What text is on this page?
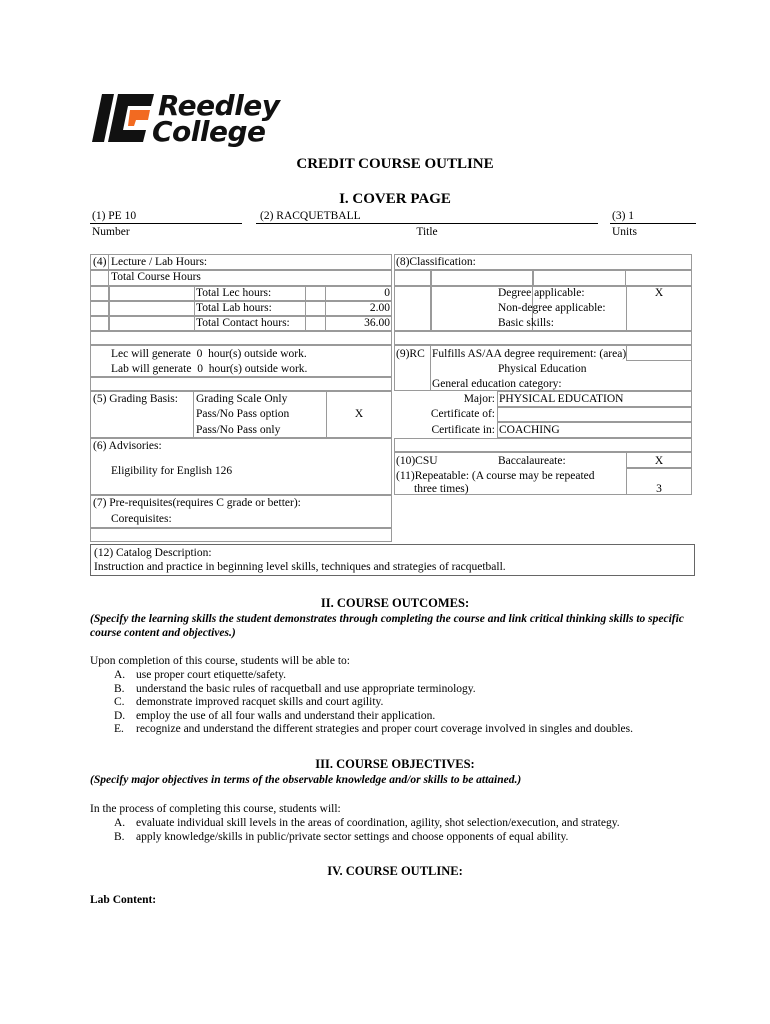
Reedley
College
CREDIT COURSE OUTLINE
I. COVER PAGE
(1) PE 10
Number
(2) RACQUETBALL
Title
(3) 1
Units
(4) Lecture / Lab Hours:
Total Course Hours
Total Lec hours:	0
Total Lab hours:	2.00
Total Contact hours:	36.00
Lec will generate  0  hour(s) outside work.
Lab will generate  0  hour(s) outside work.
(8)Classification:
Degree applicable:	X
Non-degree applicable:
Basic skills:
(9)RC Fulfills AS/AA degree requirement: (area)
Physical Education
General education category:
Major: PHYSICAL EDUCATION
Certificate of:
Certificate in: COACHING
(5) Grading Basis: Grading Scale Only
Pass/No Pass option	X
Pass/No Pass only
(6) Advisories:
Eligibility for English 126
(10)CSU	Baccalaureate:	X
(11)Repeatable: (A course may be repeated
three times)	3
(7) Pre-requisites(requires C grade or better):
Corequisites:
(12) Catalog Description:
Instruction and practice in beginning level skills, techniques and strategies of racquetball.
II. COURSE OUTCOMES:
(Specify the learning skills the student demonstrates through completing the course and link critical thinking skills to specific
course content and objectives.)
Upon completion of this course, students will be able to:
A. use proper court etiquette/safety.
B. understand the basic rules of racquetball and use appropriate terminology.
C. demonstrate improved racquet skills and court agility.
D. employ the use of all four walls and understand their application.
E. recognize and understand the different strategies and proper court coverage involved in singles and doubles.
III. COURSE OBJECTIVES:
(Specify major objectives in terms of the observable knowledge and/or skills to be attained.)
In the process of completing this course, students will:
A. evaluate individual skill levels in the areas of coordination, agility, shot selection/execution, and strategy.
B. apply knowledge/skills in public/private sector settings and choose opponents of equal ability.
IV. COURSE OUTLINE:
Lab Content:
